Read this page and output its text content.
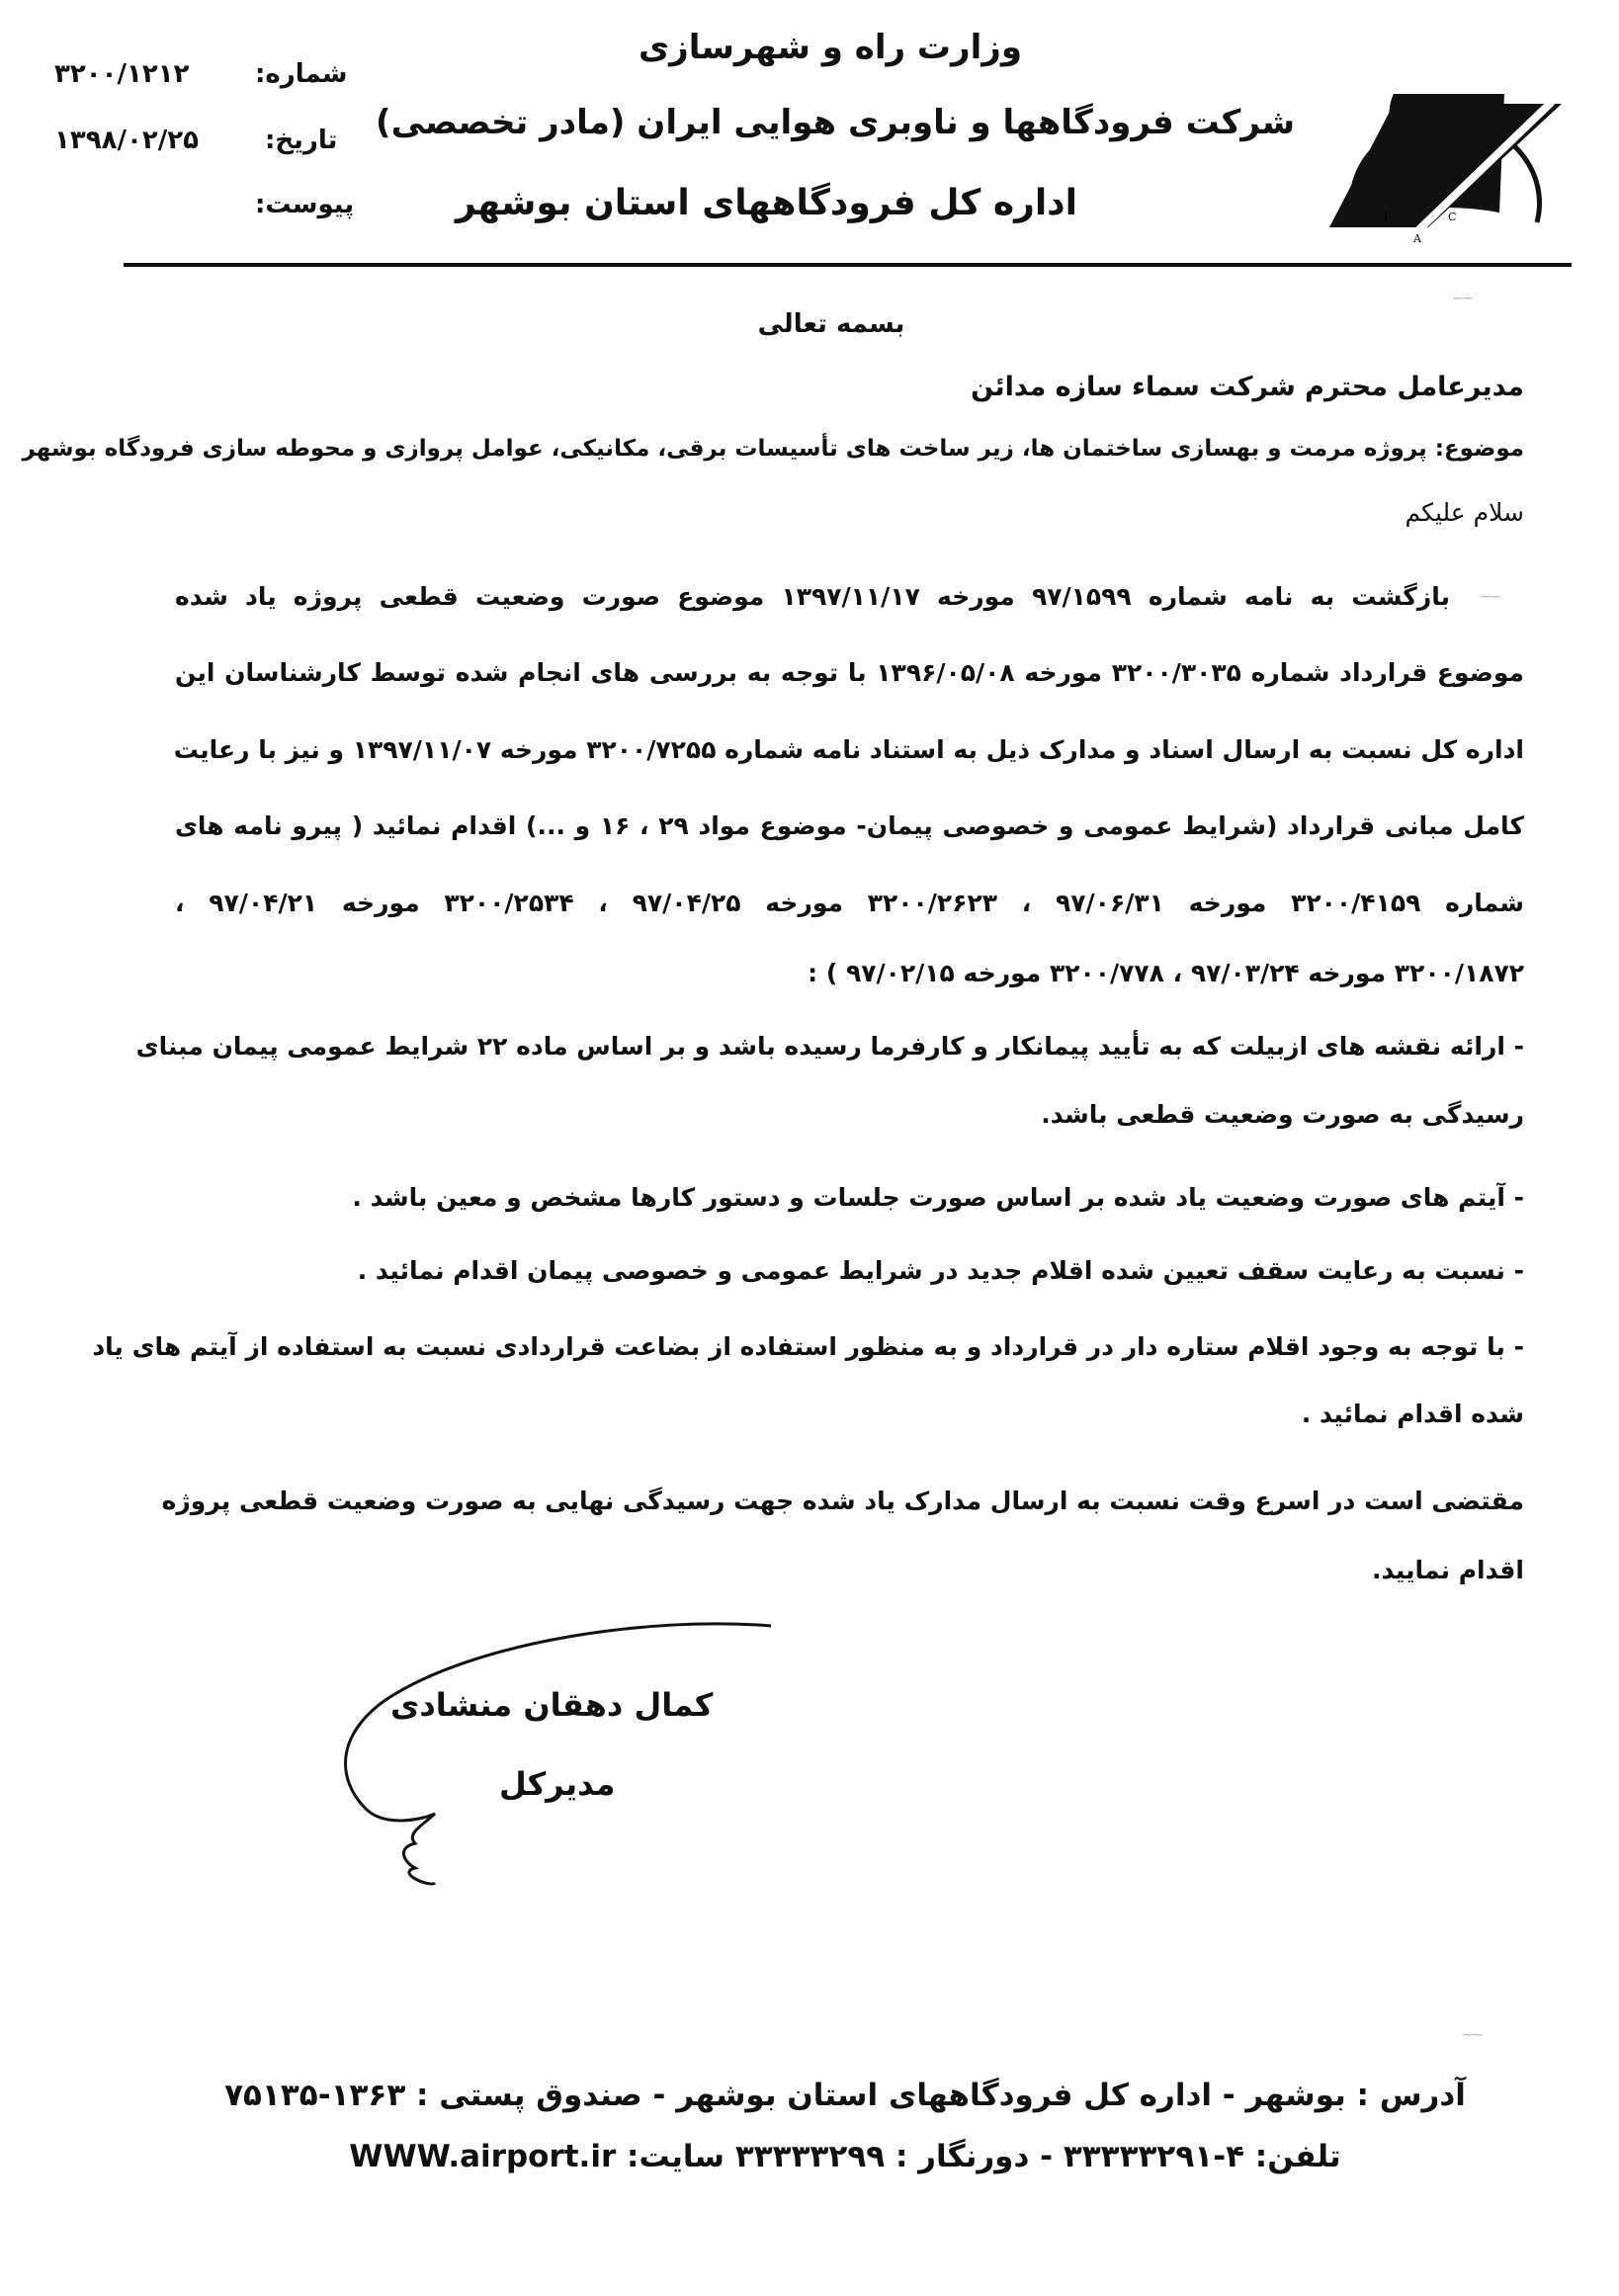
I
A
C
وزارت راه و شهرسازی
شرکت فرودگاهها و ناوبری هوایی ایران (مادر تخصصی)
اداره کل فرودگاههای استان بوشهر
شماره:
۳۲۰۰/۱۲۱۲
تاریخ:
۱۳۹۸/۰۲/۲۵
پیوست:
⁓⁓
⁓⁓
⁓⁓
بسمه تعالی
مدیرعامل محترم شرکت سماء سازه مدائن
موضوع: پروژه مرمت و بهسازی ساختمان ها، زیر ساخت های تأسیسات برقی، مکانیکی، عوامل پروازی و محوطه سازی فرودگاه بوشهر
سلام علیکم
بازگشت به نامه شماره ۹۷/۱۵۹۹ مورخه ۱۳۹۷/۱۱/۱۷ موضوع صورت وضعیت قطعی پروژه یاد شده
موضوع قرارداد شماره ۳۲۰۰/۳۰۳۵ مورخه ۱۳۹۶/۰۵/۰۸ با توجه به بررسی های انجام شده توسط کارشناسان این
اداره کل نسبت به ارسال اسناد و مدارک ذیل به استناد نامه شماره ۳۲۰۰/۷۲۵۵ مورخه ۱۳۹۷/۱۱/۰۷ و نیز با رعایت
کامل مبانی قرارداد (شرایط عمومی و خصوصی پیمان- موضوع مواد ۲۹ ، ۱۶ و ...) اقدام نمائید ( پیرو نامه های
شماره ۳۲۰۰/۴۱۵۹ مورخه ۹۷/۰۶/۳۱ ، ۳۲۰۰/۲۶۲۳ مورخه ۹۷/۰۴/۲۵ ، ۳۲۰۰/۲۵۳۴ مورخه ۹۷/۰۴/۲۱ ،
۳۲۰۰/۱۸۷۲ مورخه ۹۷/۰۳/۲۴ ، ۳۲۰۰/۷۷۸ مورخه ۹۷/۰۲/۱۵ ) :
- ارائه نقشه های ازبیلت که به تأیید پیمانکار و کارفرما رسیده باشد و بر اساس ماده ۲۲ شرایط عمومی پیمان مبنای
رسیدگی به صورت وضعیت قطعی باشد.
- آیتم های صورت وضعیت یاد شده بر اساس صورت جلسات و دستور کارها مشخص و معین باشد .
- نسبت به رعایت سقف تعیین شده اقلام جدید در شرایط عمومی و خصوصی پیمان اقدام نمائید .
- با توجه به وجود اقلام ستاره دار در قرارداد و به منظور استفاده از بضاعت قراردادی نسبت به استفاده از آیتم های یاد
شده اقدام نمائید .
مقتضی است در اسرع وقت نسبت به ارسال مدارک یاد شده جهت رسیدگی نهایی به صورت وضعیت قطعی پروژه
اقدام نمایید.
کمال دهقان منشادی
مدیرکل
آدرس : بوشهر - اداره کل فرودگاههای استان بوشهر - صندوق پستی : ۱۳۶۳-۷۵۱۳۵
تلفن: ۴-۳۳۳۳۳۲۹۱ - دورنگار : ۳۳۳۳۳۲۹۹ سایت: WWW.airport.ir
